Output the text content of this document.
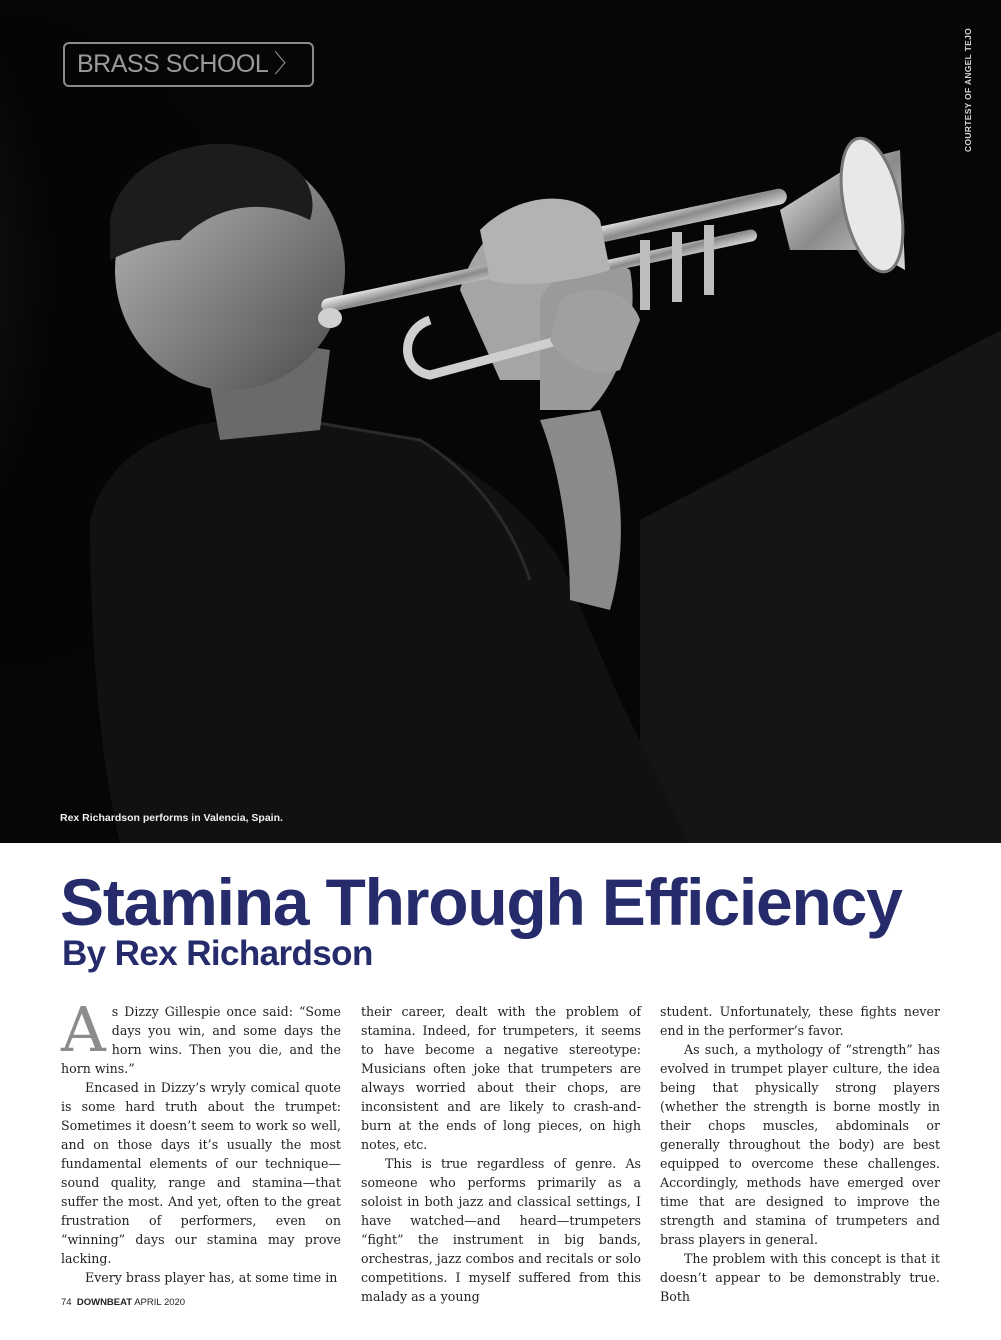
BRASS SCHOOL 〉	COURTESY OF ANGEL TEJO
Rex Richardson performs in Valencia, Spain.
Stamina Through Efficiency
By Rex Richardson

As Dizzy Gillespie once said: “Some days you win, and some days the horn wins. Then you die, and the horn wins.”

Encased in Dizzy’s wryly comical quote is some hard truth about the trumpet: Sometimes it doesn’t seem to work so well, and on those days it’s usually the most fundamental elements of our technique—sound quality, range and stamina—that suffer the most. And yet, often to the great frustration of performers, even on “winning” days our stamina may prove lacking.

Every brass player has, at some time in

their career, dealt with the problem of stamina. Indeed, for trumpeters, it seems to have become a negative stereotype: Musicians often joke that trumpeters are always worried about their chops, are inconsistent and are likely to crash-and-burn at the ends of long pieces, on high notes, etc.

This is true regardless of genre. As someone who performs primarily as a soloist in both jazz and classical settings, I have watched—and heard—trumpeters “fight” the instrument in big bands, orchestras, jazz combos and recitals or solo competitions. I myself suffered from this malady as a young

student. Unfortunately, these fights never end in the performer’s favor.

As such, a mythology of “strength” has evolved in trumpet player culture, the idea being that physically strong players (whether the strength is borne mostly in their chops muscles, abdominals or generally throughout the body) are best equipped to overcome these challenges. Accordingly, methods have emerged over time that are designed to improve the strength and stamina of trumpeters and brass players in general.

The problem with this concept is that it doesn’t appear to be demonstrably true. Both

74 DOWNBEAT APRIL 2020
